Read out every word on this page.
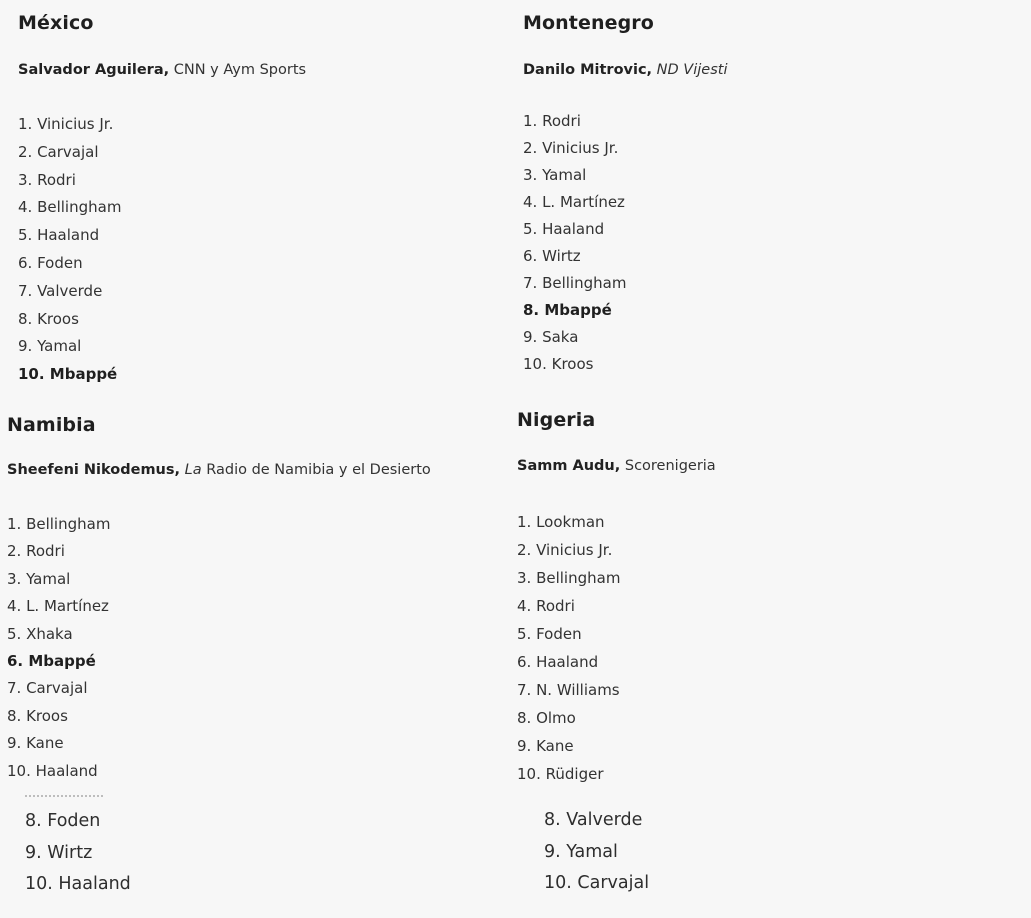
México

Salvador Aguilera, CNN y Aym Sports

1. Vinicius Jr.
2. Carvajal
3. Rodri
4. Bellingham
5. Haaland
6. Foden
7. Valverde
8. Kroos
9. Yamal
10. Mbappé
Montenegro

Danilo Mitrovic, ND Vijesti

1. Rodri
2. Vinicius Jr.
3. Yamal
4. L. Martínez
5. Haaland
6. Wirtz
7. Bellingham
8. Mbappé
9. Saka
10. Kroos
Namibia

Sheefeni Nikodemus, La Radio de Namibia y el Desierto

1. Bellingham
2. Rodri
3. Yamal
4. L. Martínez
5. Xhaka
6. Mbappé
7. Carvajal
8. Kroos
9. Kane
10. Haaland
Nigeria

Samm Audu, Scorenigeria

1. Lookman
2. Vinicius Jr.
3. Bellingham
4. Rodri
5. Foden
6. Haaland
7. N. Williams
8. Olmo
9. Kane
10. Rüdiger
8. Foden
9. Wirtz
10. Haaland
8. Valverde
9. Yamal
10. Carvajal
